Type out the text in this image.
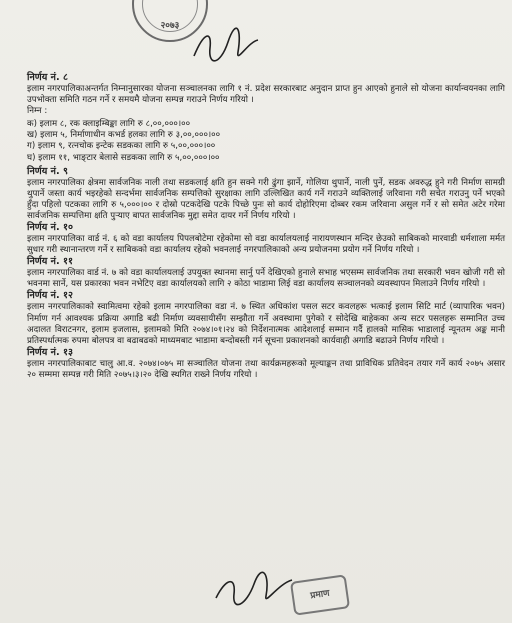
२०७३
निर्णय नं. ८

इलाम नगरपालिकाअन्तर्गत निम्नानुसारका योजना सञ्चालनका लागि १ नं. प्रदेश सरकारबाट अनुदान प्राप्त हुन आएको हुनाले सो योजना कार्यान्वयनका लागि उपभोक्ता समिति गठन गर्ने र समयमै योजना सम्पन्न गराउने निर्णय गरियो ।

निम्न :
क) इलाम ८, रक क्लाइम्बिङ्का लागि रु ८,००,०००।००
ख) इलाम ५, निर्माणाधीन कभर्ड हलका लागि रु ३,००,०००।००
ग) इलाम ९, रत्नचोक इन्टेक सडकका लागि रु ५,००,०००।००
घ) इलाम ११, भाङ्टार बेलासे सडकका लागि रु ५,००,०००।००
निर्णय नं. ९

इलाम नगरपालिका क्षेत्रमा सार्वजनिक नाली तथा सडकलाई क्षति हुन सक्ने गरी ढुंगा झार्ने, गोलिया थुपार्ने, नाली पुर्ने, सडक अवरुद्ध हुने गरी निर्माण सामग्री थुपार्ने जस्ता कार्य भइरहेको सन्दर्भमा सार्वजनिक सम्पत्तिको सुरक्षाका लागि उल्लिखित कार्य गर्ने गराउने व्यक्तिलाई जरिवाना गरी सचेत गराउनु पर्ने भएको हुँदा पहिलो पटकका लागि रु ५,०००।०० र दोस्रो पटकदेखि पटके पिच्छे पुनः सो कार्य दोहोरिएमा दोब्बर रकम जरिवाना असुल गर्ने र सो समेत अटेर गरेमा सार्वजनिक सम्पत्तिमा क्षति पुऱ्याए बापत सार्वजनिक मुद्दा समेत दायर गर्ने निर्णय गरियो ।

निर्णय नं. १०

इलाम नगरपालिका वार्ड नं. ६ को वडा कार्यालय पिपलबोटेमा रहेकोमा सो वडा कार्यालयलाई नारायणस्थान मन्दिर छेउको साबिकको मारवाडी धर्मशाला मर्मत सुधार गरी स्थानान्तरण गर्ने र साबिकको वडा कार्यालय रहेको भवनलाई नगरपालिकाको अन्य प्रयोजनमा प्रयोग गर्ने निर्णय गरियो ।

निर्णय नं. ११

इलाम नगरपालिका वार्ड नं. ७ को वडा कार्यालयलाई उपयुक्त स्थानमा सार्नु पर्ने देखिएको हुनाले सभाह भएसम्म सार्वजनिक तथा सरकारी भवन खोजी गरी सो भवनमा सार्ने, यस प्रकारका भवन नभेटिए वडा कार्यालयको लागि २ कोठा भाडामा लिई वडा कार्यालय सञ्चालनको व्यवस्थापन मिलाउने निर्णय गरियो ।

निर्णय नं. १२

इलाम नगरपालिकाको स्वामित्वमा रहेको इलाम नगरपालिका वडा नं. ७ स्थित अधिकांश पसल सटर कवलहरू भत्काई इलाम सिटि मार्ट (व्यापारिक भवन) निर्माण गर्न आवश्यक प्रक्रिया अगाडि बढी निर्माण व्यवसायीसँग सम्झौता गर्ने अवस्थामा पुगेको र सोदेखि बाहेकका अन्य सटर पसलहरू सम्मानित उच्च अदालत विराटनगर, इलाम इजलास, इलामको मिति २०७४।०१।२४ को निर्देशनात्मक आदेशलाई सम्मान गर्दै हालको मासिक भाडालाई न्यूनतम अङ्क मानी प्रतिस्पर्धात्मक रुपमा बोलपत्र वा बढाबढको माध्यमबाट भाडामा बन्दोबस्ती गर्न सूचना प्रकाशनको कार्यवाही अगाडि बढाउने निर्णय गरियो ।

निर्णय नं. १३

इलाम नगरपालिकाबाट चालु आ.व. २०७४।०७५ मा सञ्चालित योजना तथा कार्यक्रमहरूको मूल्याङ्कन तथा प्राविधिक प्रतिवेदन तयार गर्ने कार्य २०७५ असार २० सम्ममा सम्पन्न गरी मिति २०७५।३।२० देखि स्थगित राख्ने निर्णय गरियो ।

प्रमाण
